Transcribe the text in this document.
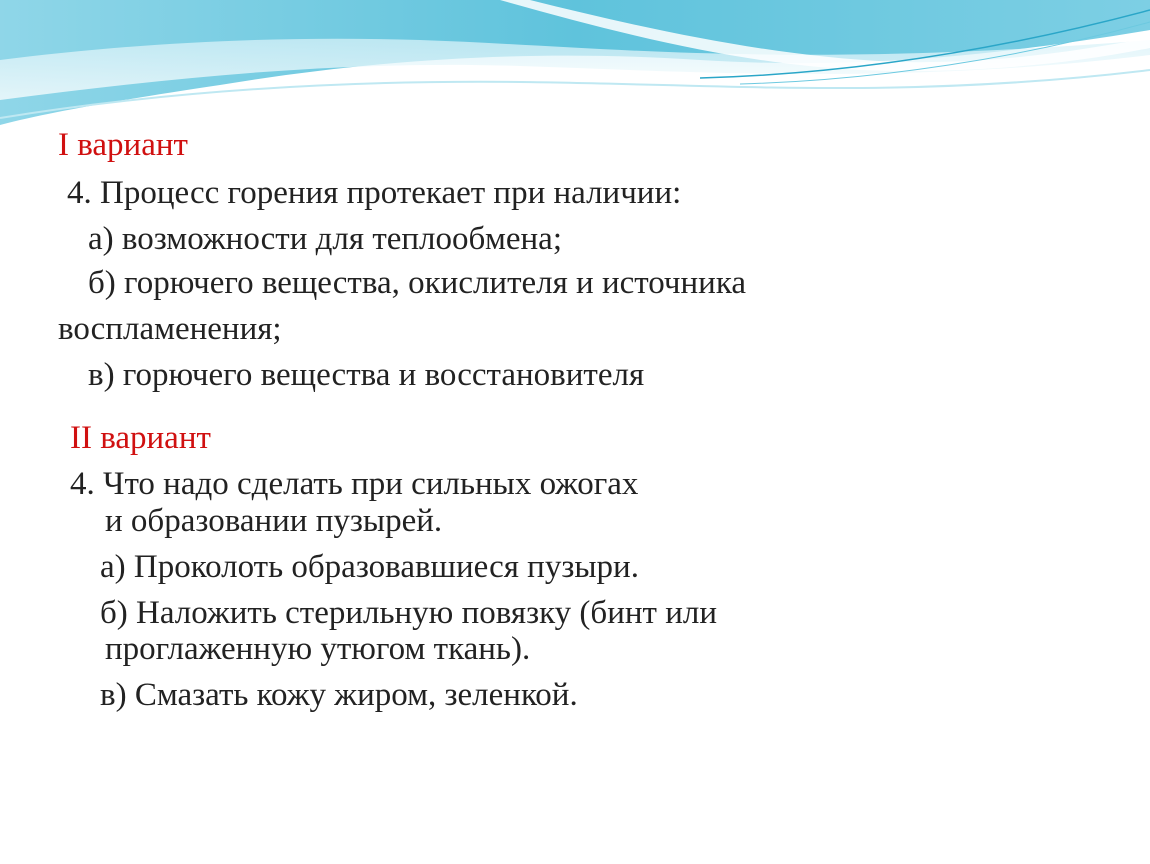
I вариант

4. Процесс горения протекает при наличии:

а) возможности для теплообмена;

б) горючего вещества, окислителя и источника

воспламенения;

в) горючего вещества и восстановителя

II вариант

4. Что надо сделать при сильных ожогах

и образовании пузырей.

а) Проколоть образовавшиеся пузыри.

б) Наложить стерильную повязку (бинт или

проглаженную утюгом ткань).

в) Смазать кожу жиром, зеленкой.
